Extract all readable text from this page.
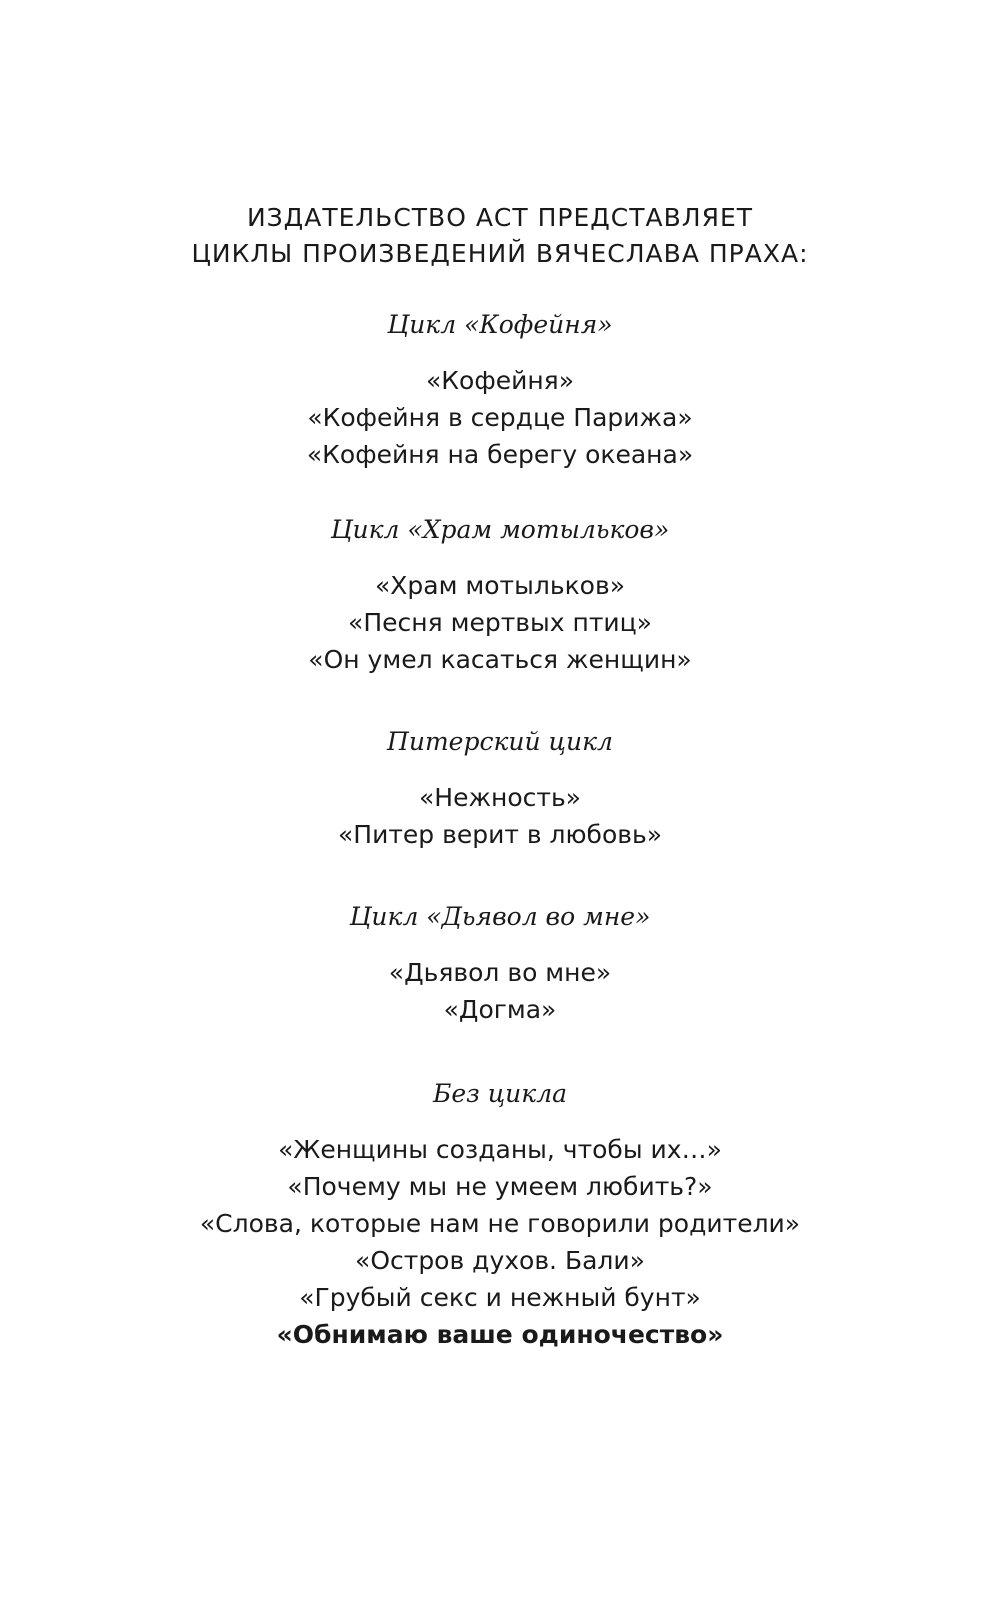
ИЗДАТЕЛЬСТВО АСТ ПРЕДСТАВЛЯЕТ
ЦИКЛЫ ПРОИЗВЕДЕНИЙ ВЯЧЕСЛАВА ПРАХА:
Цикл «Кофейня»
«Кофейня»
«Кофейня в сердце Парижа»
«Кофейня на берегу океана»
Цикл «Храм мотыльков»
«Храм мотыльков»
«Песня мертвых птиц»
«Он умел касаться женщин»
Питерский цикл
«Нежность»
«Питер верит в любовь»
Цикл «Дьявол во мне»
«Дьявол во мне»
«Догма»
Без цикла
«Женщины созданы, чтобы их…»
«Почему мы не умеем любить?»
«Слова, которые нам не говорили родители»
«Остров духов. Бали»
«Грубый секс и нежный бунт»
«Обнимаю ваше одиночество»
